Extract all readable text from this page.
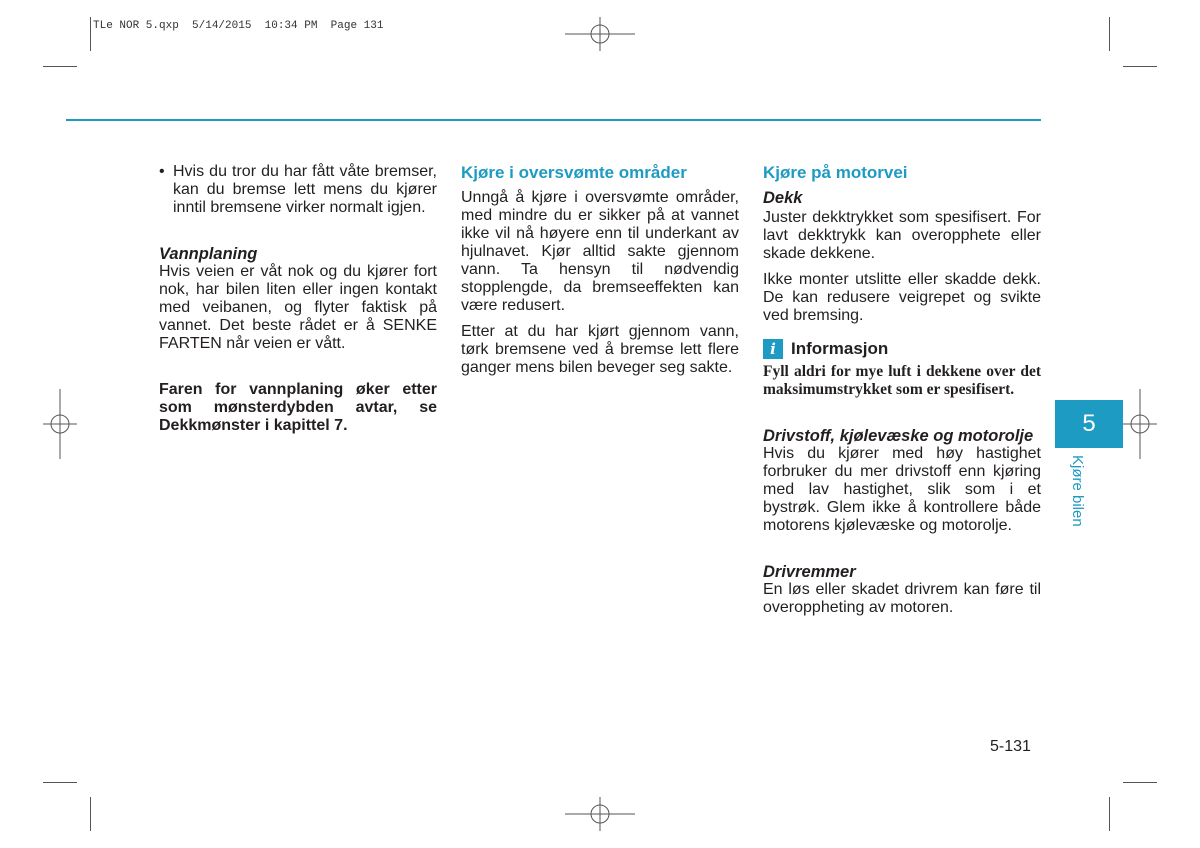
TLe NOR 5.qxp  5/14/2015  10:34 PM  Page 131
• Hvis du tror du har fått våte bremser, kan du bremse lett mens du kjører inntil bremsene virker normalt igjen.

Vannplaning

Hvis veien er våt nok og du kjører fort nok, har bilen liten eller ingen kontakt med veibanen, og flyter faktisk på vannet. Det beste rådet er å SENKE FARTEN når veien er vått.

Faren for vannplaning øker etter som mønsterdybden avtar, se Dekkmønster i kapittel 7.

Kjøre i oversvømte områder

Unngå å kjøre i oversvømte områder, med mindre du er sikker på at vannet ikke vil nå høyere enn til underkant av hjulnavet. Kjør alltid sakte gjennom vann. Ta hensyn til nødvendig stopplengde, da bremseeffekten kan være redusert.

Etter at du har kjørt gjennom vann, tørk bremsene ved å bremse lett flere ganger mens bilen beveger seg sakte.

Kjøre på motorvei

Dekk

Juster dekktrykket som spesifisert. For lavt dekktrykk kan overopphete eller skade dekkene.

Ikke monter utslitte eller skadde dekk. De kan redusere veigrepet og svikte ved bremsing.

i Informasjon

Fyll aldri for mye luft i dekkene over det maksimumstrykket som er spesifisert.

Drivstoff, kjølevæske og motorolje

Hvis du kjører med høy hastighet forbruker du mer drivstoff enn kjøring med lav hastighet, slik som i et bystrøk. Glem ikke å kontrollere både motorens kjølevæske og motorolje.

Drivremmer

En løs eller skadet drivrem kan føre til overoppheting av motoren.

5
Kjøre bilen
5-131
